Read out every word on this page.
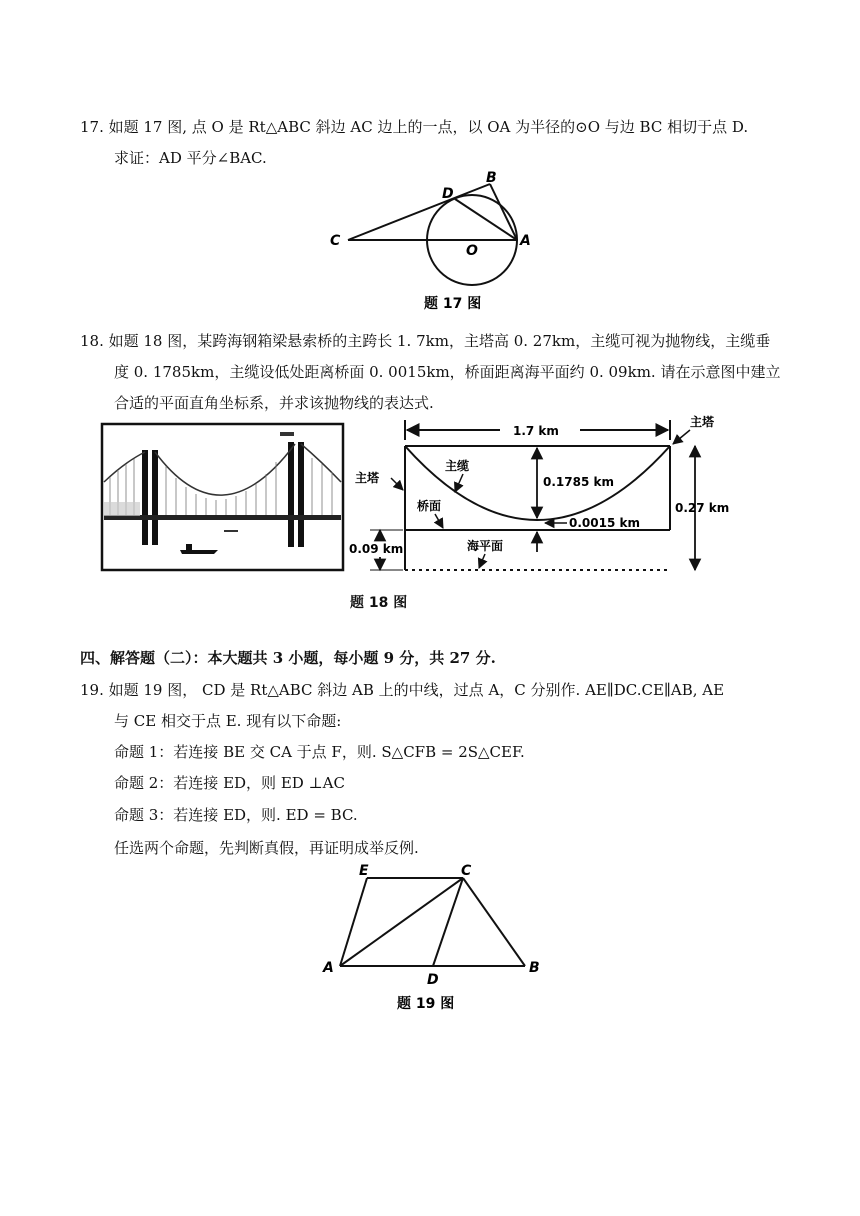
17. 如题 17 图, 点 O 是 Rt△ABC 斜边 AC 边上的一点，以 OA 为半径的⊙O 与边 BC 相切于点 D.
求证：AD 平分∠BAC.
C
D
B
O
A
题 17 图
18. 如题 18 图，某跨海钢箱梁悬索桥的主跨长 1. 7km，主塔高 0. 27km，主缆可视为抛物线，主缆垂
度 0. 1785km，主缆设低处距离桥面 0. 0015km，桥面距离海平面约 0. 09km. 请在示意图中建立
合适的平面直角坐标系，并求该抛物线的表达式.
1.7 km
0.1785 km
0.0015 km
0.27 km
0.09 km
主塔
主塔
主缆
桥面
海平面
题 18 图
四、解答题（二）：本大题共 3 小题，每小题 9 分，共 27 分.
19. 如题 19 图， CD 是 Rt△ABC 斜边 AB 上的中线，过点 A，C 分别作. AE∥DC.CE∥AB, AE
与 CE 相交于点 E. 现有以下命题:
命题 1：若连接 BE 交 CA 于点 F，则. S△CFB = 2S△CEF.
命题 2：若连接 ED，则 ED ⊥AC
命题 3：若连接 ED，则. ED = BC.
任选两个命题，先判断真假，再证明成举反例.
E	C
A
D
B
题 19 图
